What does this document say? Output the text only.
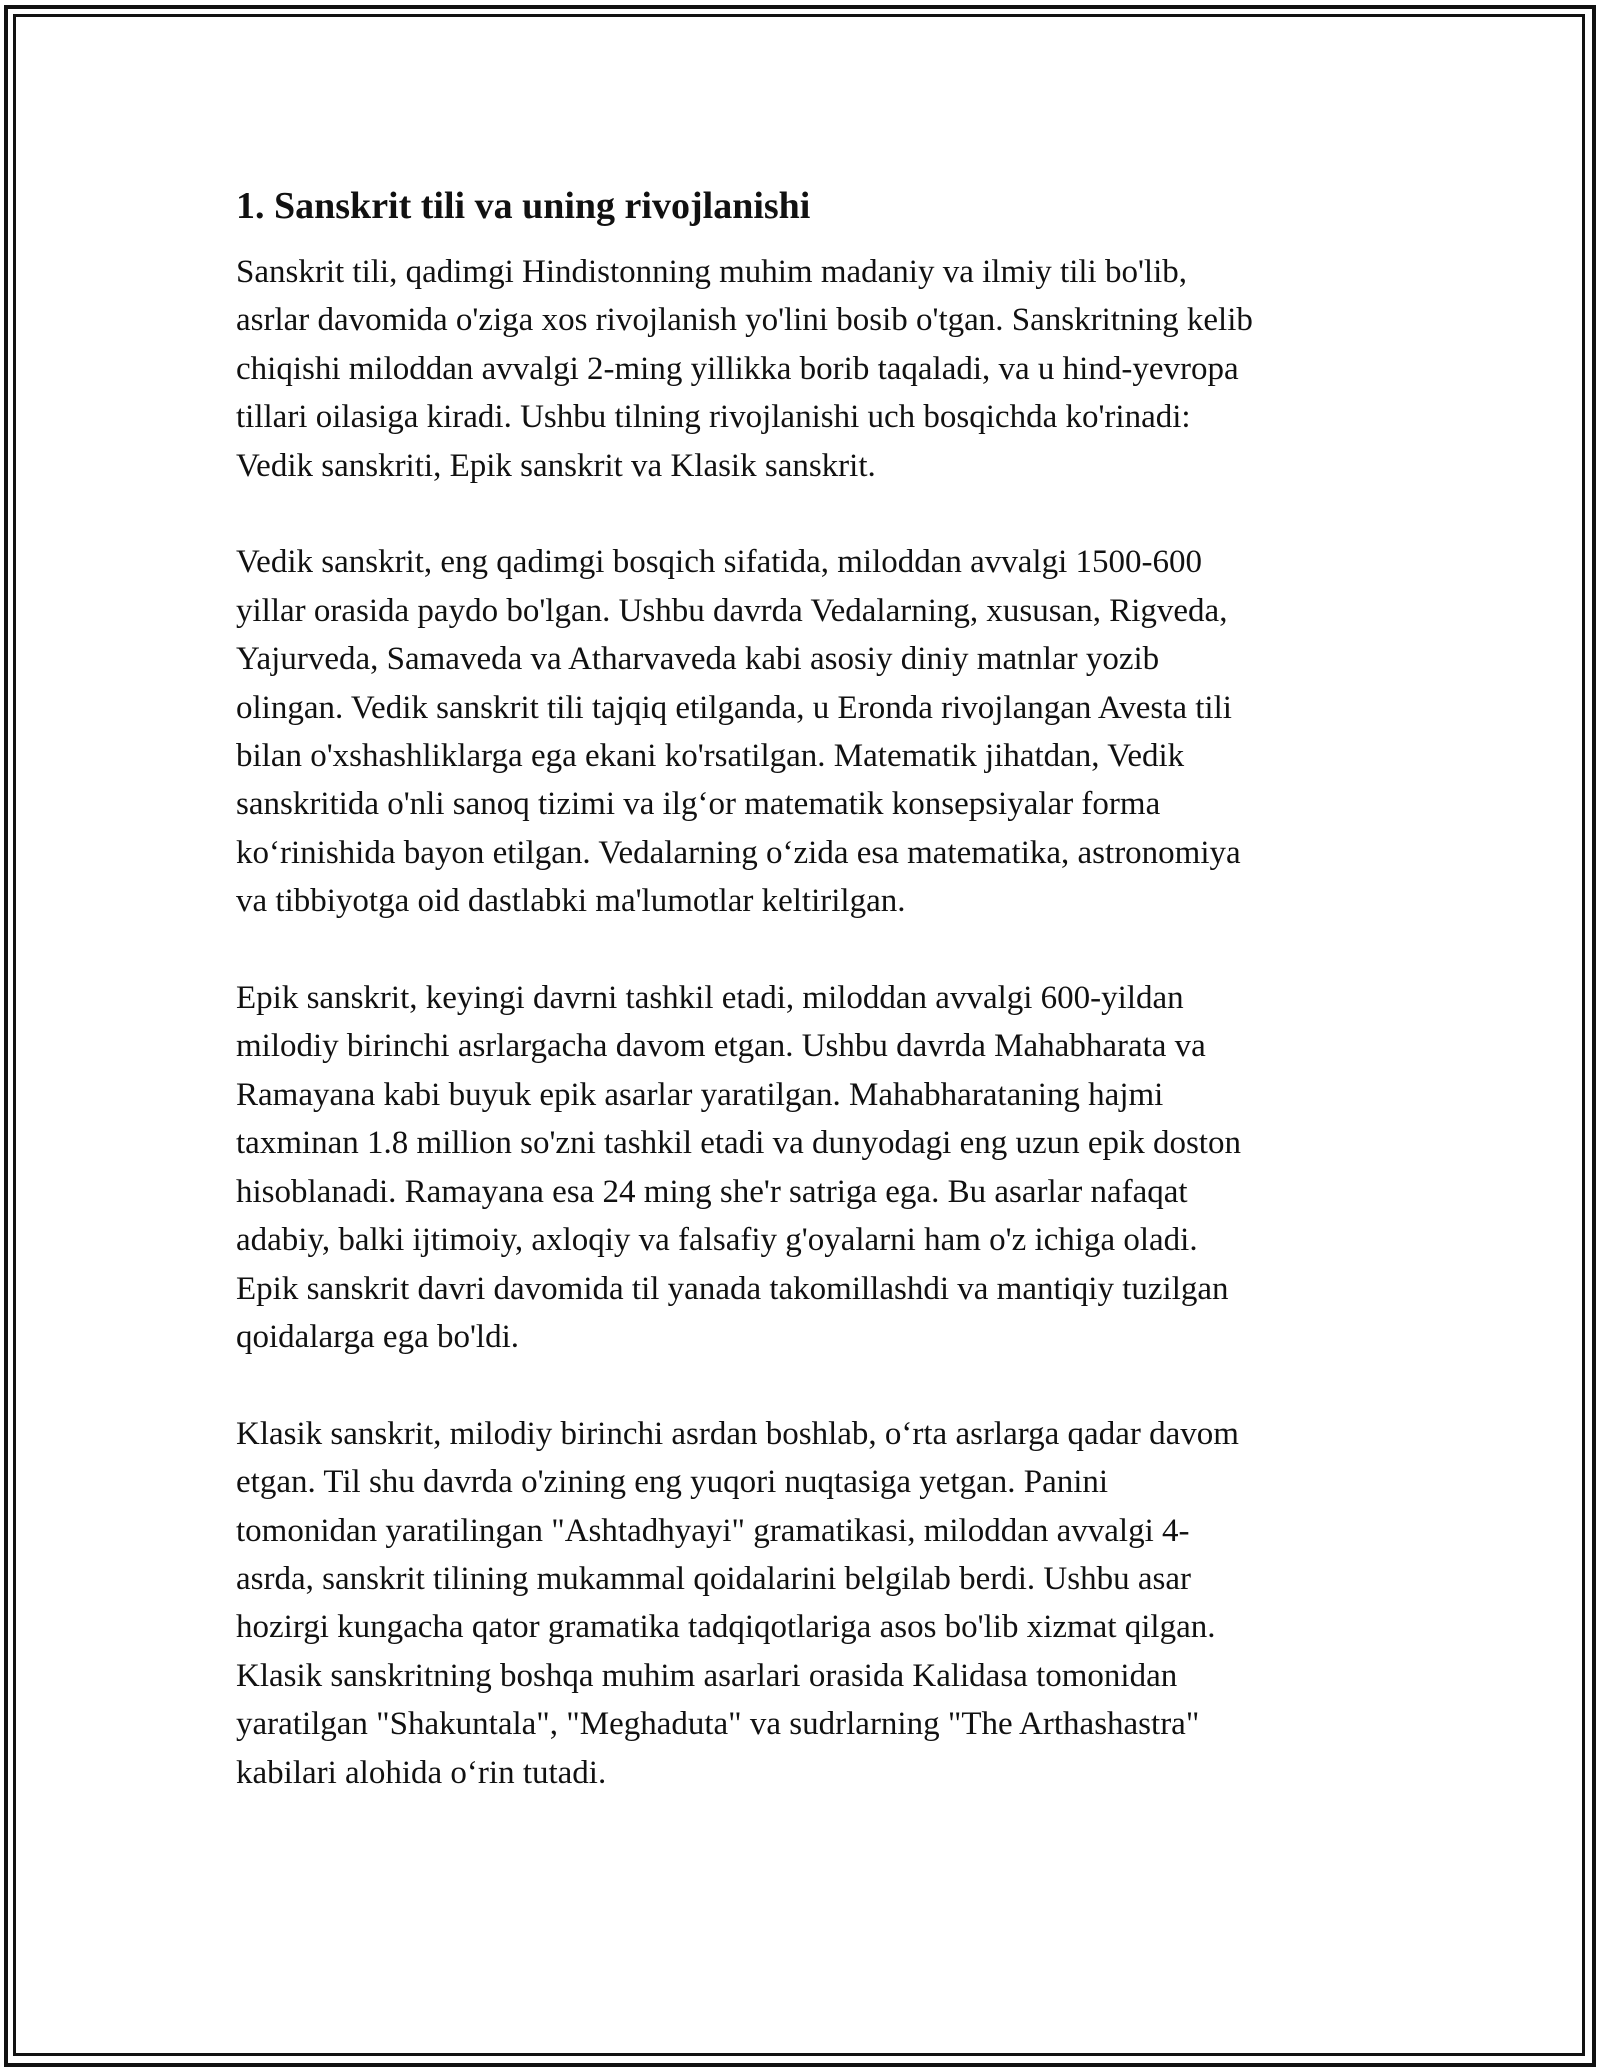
1. Sanskrit tili va uning rivojlanishi

Sanskrit tili, qadimgi Hindistonning muhim madaniy va ilmiy tili bo'lib,
asrlar davomida o'ziga xos rivojlanish yo'lini bosib o'tgan. Sanskritning kelib
chiqishi miloddan avvalgi 2-ming yillikka borib taqaladi, va u hind-yevropa
tillari oilasiga kiradi. Ushbu tilning rivojlanishi uch bosqichda ko'rinadi:
Vedik sanskriti, Epik sanskrit va Klasik sanskrit.

Vedik sanskrit, eng qadimgi bosqich sifatida, miloddan avvalgi 1500-600
yillar orasida paydo bo'lgan. Ushbu davrda Vedalarning, xususan, Rigveda,
Yajurveda, Samaveda va Atharvaveda kabi asosiy diniy matnlar yozib
olingan. Vedik sanskrit tili tajqiq etilganda, u Eronda rivojlangan Avesta tili
bilan o'xshashliklarga ega ekani ko'rsatilgan. Matematik jihatdan, Vedik
sanskritida o'nli sanoq tizimi va ilg‘or matematik konsepsiyalar forma
ko‘rinishida bayon etilgan. Vedalarning o‘zida esa matematika, astronomiya
va tibbiyotga oid dastlabki ma'lumotlar keltirilgan.

Epik sanskrit, keyingi davrni tashkil etadi, miloddan avvalgi 600-yildan
milodiy birinchi asrlargacha davom etgan. Ushbu davrda Mahabharata va
Ramayana kabi buyuk epik asarlar yaratilgan. Mahabharataning hajmi
taxminan 1.8 million so'zni tashkil etadi va dunyodagi eng uzun epik doston
hisoblanadi. Ramayana esa 24 ming she'r satriga ega. Bu asarlar nafaqat
adabiy, balki ijtimoiy, axloqiy va falsafiy g'oyalarni ham o'z ichiga oladi.
Epik sanskrit davri davomida til yanada takomillashdi va mantiqiy tuzilgan
qoidalarga ega bo'ldi.

Klasik sanskrit, milodiy birinchi asrdan boshlab, o‘rta asrlarga qadar davom
etgan. Til shu davrda o'zining eng yuqori nuqtasiga yetgan. Panini
tomonidan yaratilingan "Ashtadhyayi" gramatikasi, miloddan avvalgi 4-
asrda, sanskrit tilining mukammal qoidalarini belgilab berdi. Ushbu asar
hozirgi kungacha qator gramatika tadqiqotlariga asos bo'lib xizmat qilgan.
Klasik sanskritning boshqa muhim asarlari orasida Kalidasa tomonidan
yaratilgan "Shakuntala", "Meghaduta" va sudrlarning "The Arthashastra"
kabilari alohida o‘rin tutadi.
